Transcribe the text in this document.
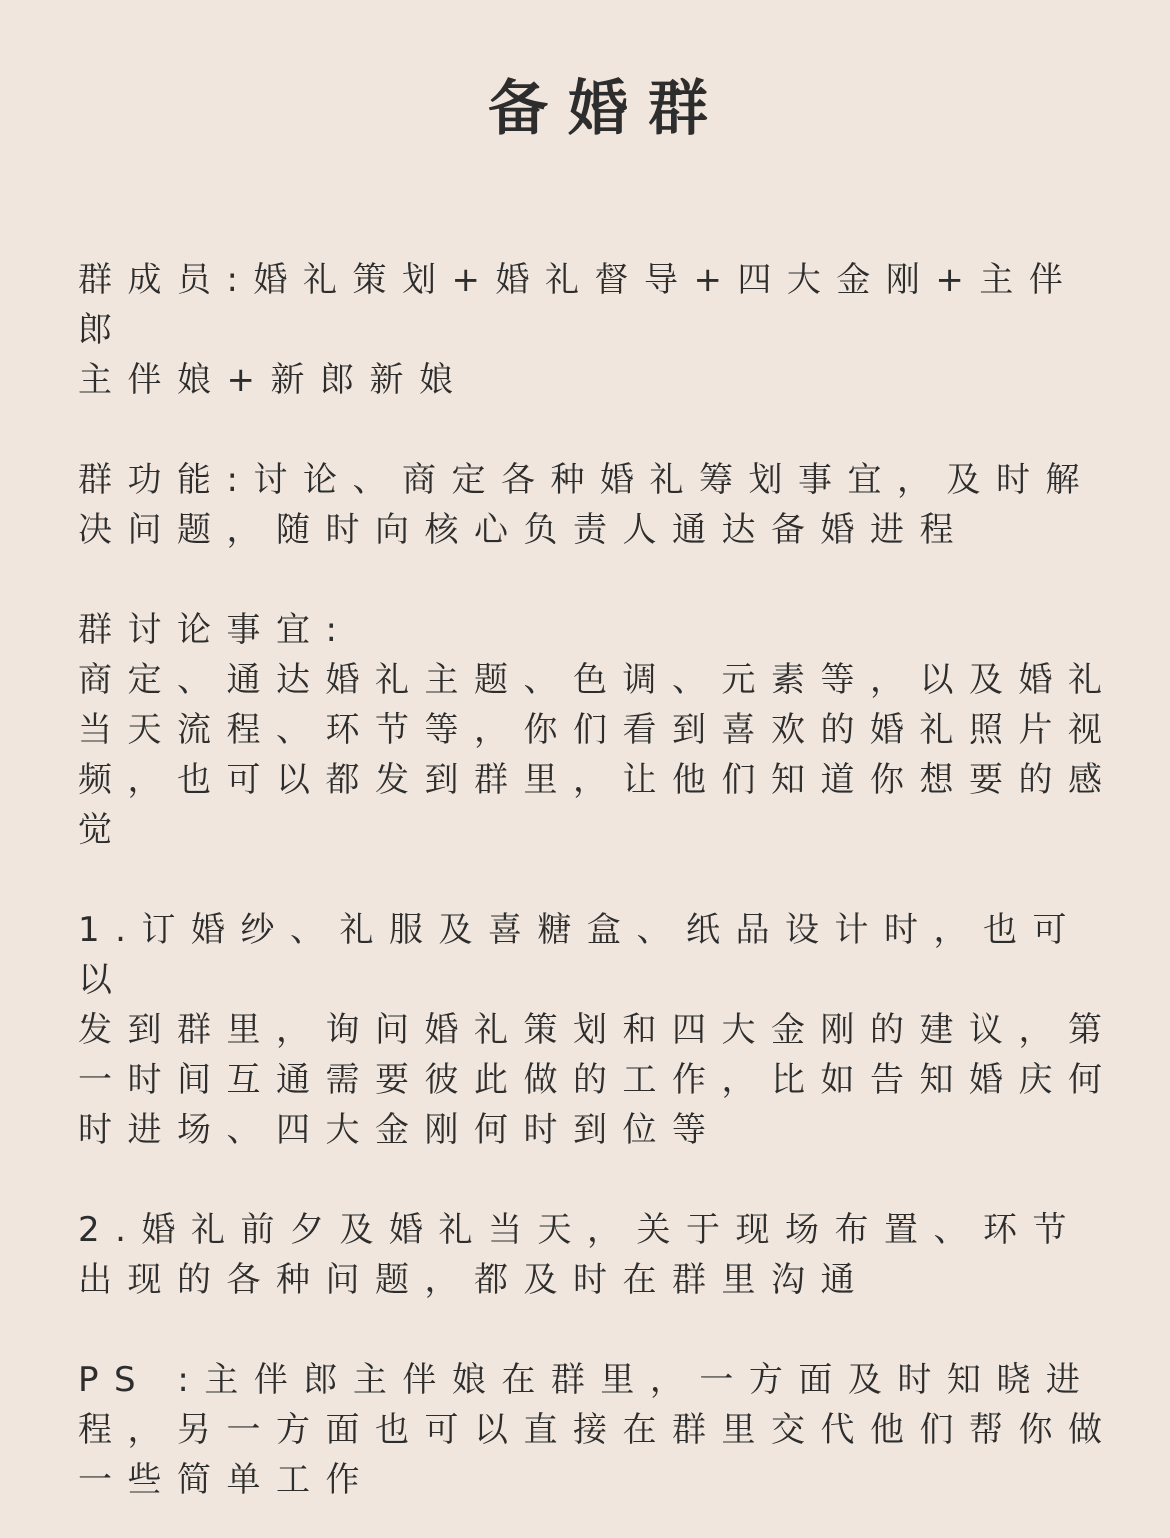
备婚群

群成员:婚礼策划+婚礼督导+四大金刚+主伴郎
主伴娘+新郎新娘

群功能:讨论、商定各种婚礼筹划事宜，及时解
决问题，随时向核心负责人通达备婚进程

群讨论事宜:
商定、通达婚礼主题、色调、元素等，以及婚礼
当天流程、环节等，你们看到喜欢的婚礼照片视
频，也可以都发到群里，让他们知道你想要的感
觉

1.订婚纱、礼服及喜糖盒、纸品设计时，也可以
发到群里，询问婚礼策划和四大金刚的建议，第
一时间互通需要彼此做的工作，比如告知婚庆何
时进场、四大金刚何时到位等

2.婚礼前夕及婚礼当天，关于现场布置、环节
出现的各种问题，都及时在群里沟通

PS :主伴郎主伴娘在群里，一方面及时知晓进
程，另一方面也可以直接在群里交代他们帮你做
一些简单工作
